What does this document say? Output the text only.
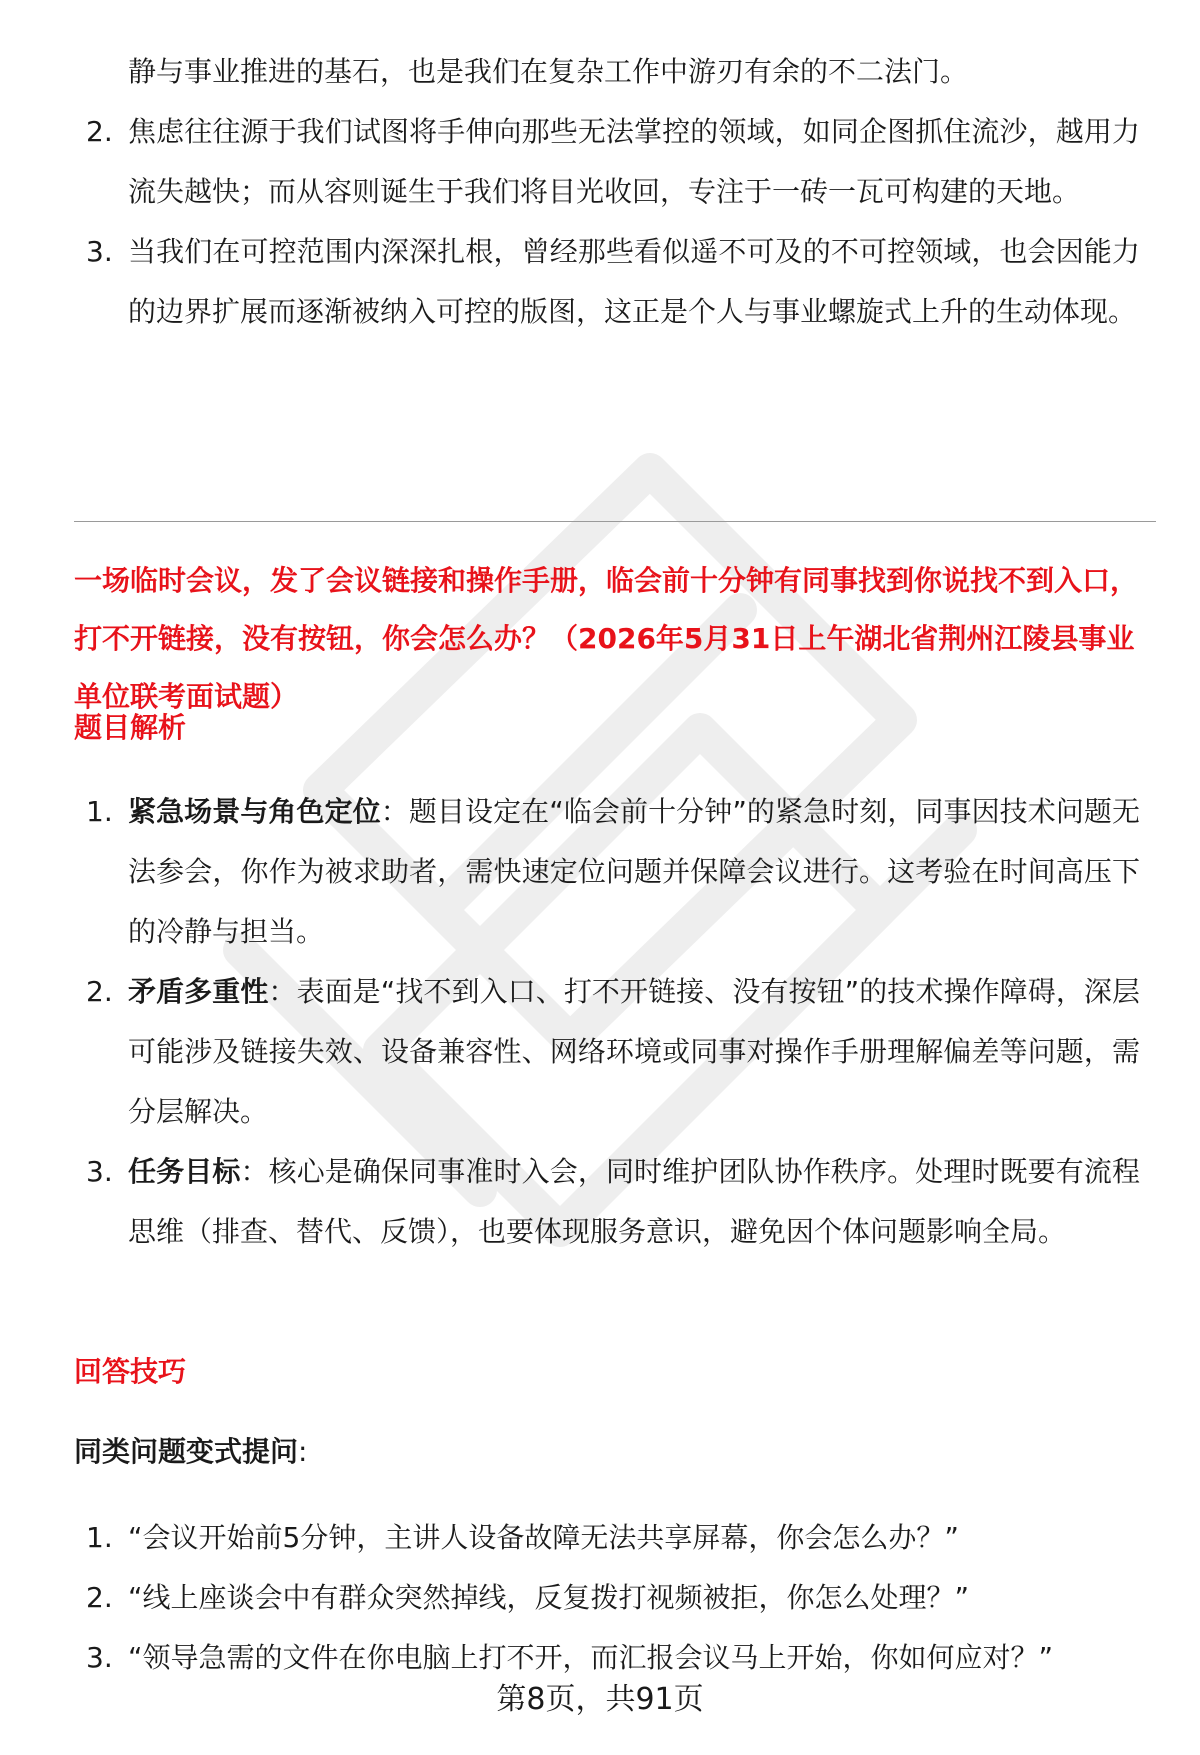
静与事业推进的基石，也是我们在复杂工作中游刃有余的不二法门。
2. 焦虑往往源于我们试图将手伸向那些无法掌控的领域，如同企图抓住流沙，越用力流失越快；而从容则诞生于我们将目光收回，专注于一砖一瓦可构建的天地。
3. 当我们在可控范围内深深扎根，曾经那些看似遥不可及的不可控领域，也会因能力的边界扩展而逐渐被纳入可控的版图，这正是个人与事业螺旋式上升的生动体现。
一场临时会议，发了会议链接和操作手册，临会前十分钟有同事找到你说找不到入口，打不开链接，没有按钮，你会怎么办？（2026年5月31日上午湖北省荆州江陵县事业单位联考面试题）
题目解析
1. 紧急场景与角色定位：题目设定在“临会前十分钟”的紧急时刻，同事因技术问题无法参会，你作为被求助者，需快速定位问题并保障会议进行。这考验在时间高压下的冷静与担当。
2. 矛盾多重性：表面是“找不到入口、打不开链接、没有按钮”的技术操作障碍，深层可能涉及链接失效、设备兼容性、网络环境或同事对操作手册理解偏差等问题，需分层解决。
3. 任务目标：核心是确保同事准时入会，同时维护团队协作秩序。处理时既要有流程思维（排查、替代、反馈），也要体现服务意识，避免因个体问题影响全局。
回答技巧
同类问题变式提问:
1. “会议开始前5分钟，主讲人设备故障无法共享屏幕，你会怎么办？”
2. “线上座谈会中有群众突然掉线，反复拨打视频被拒，你怎么处理？”
3. “领导急需的文件在你电脑上打不开，而汇报会议马上开始，你如何应对？”
第8页，共91页
